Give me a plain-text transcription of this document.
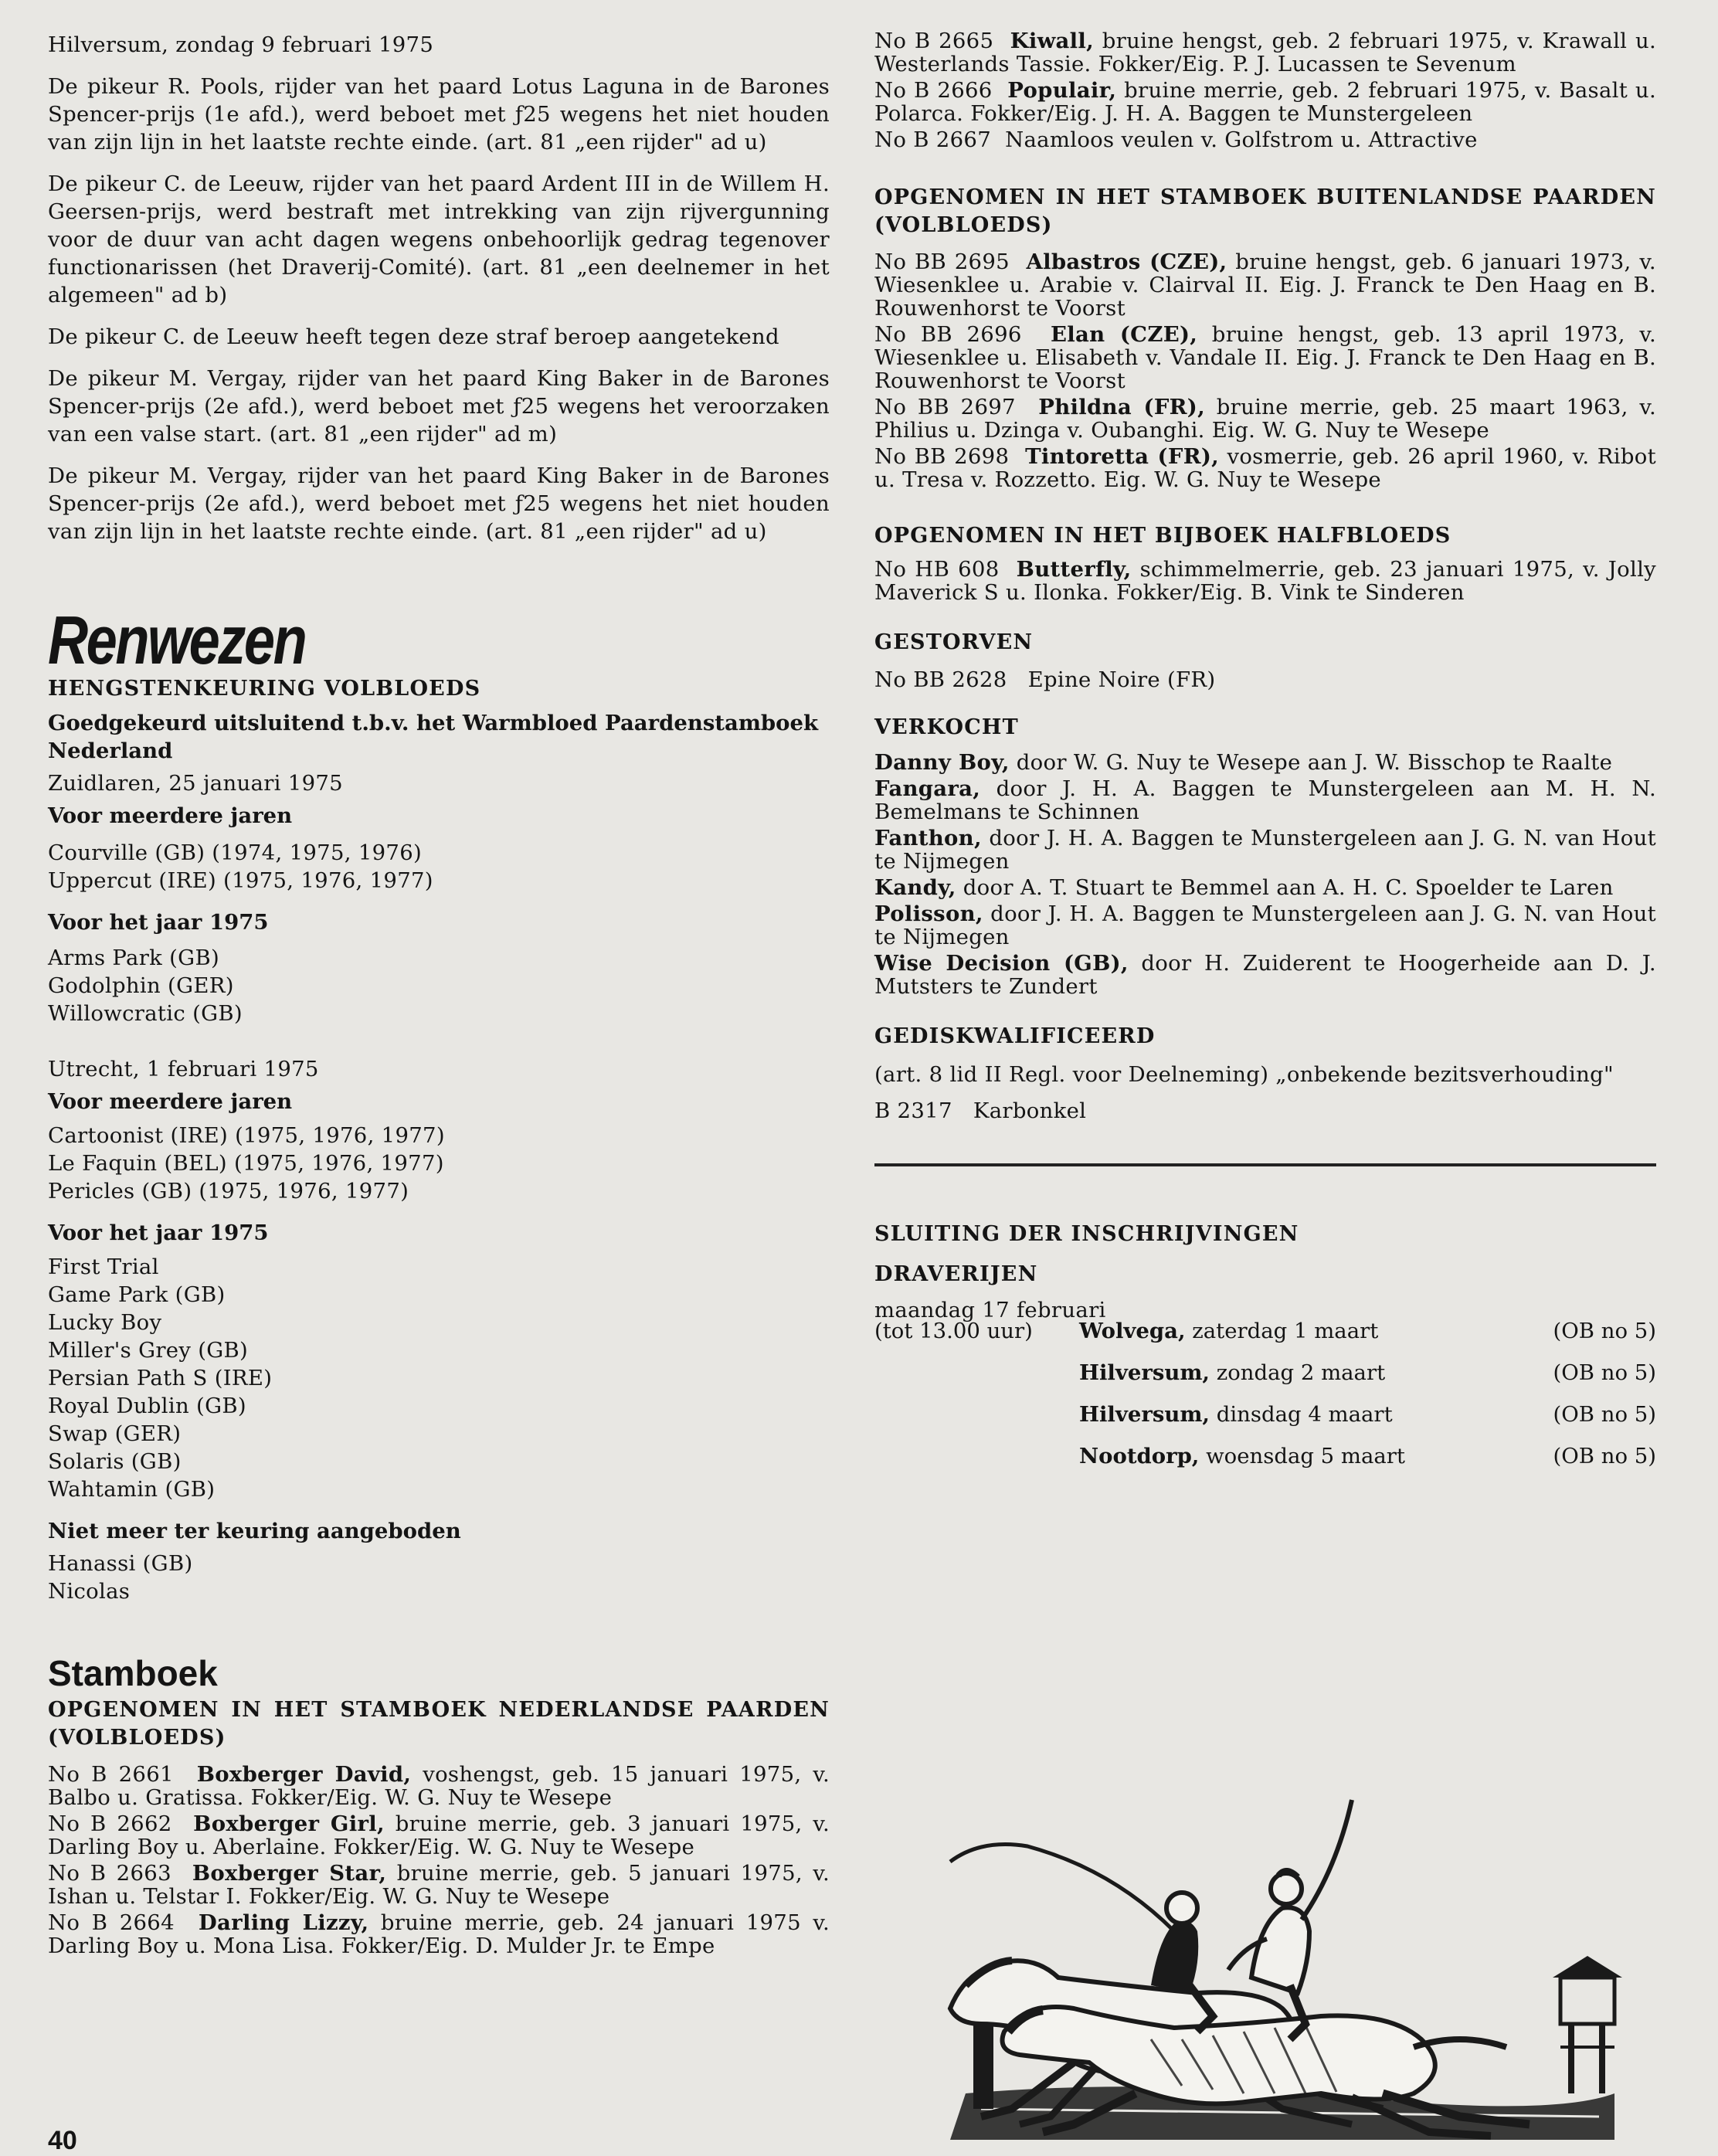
Hilversum, zondag 9 februari 1975

De pikeur R. Pools, rijder van het paard Lotus Laguna in de Barones Spencer-prijs (1e afd.), werd beboet met ƒ25 wegens het niet houden van zijn lijn in het laatste rechte einde. (art. 81 „een rijder" ad u)

De pikeur C. de Leeuw, rijder van het paard Ardent III in de Willem H. Geersen-prijs, werd bestraft met intrekking van zijn rijvergunning voor de duur van acht dagen wegens onbehoorlijk gedrag tegenover functionarissen (het Draverij-Comité). (art. 81 „een deelnemer in het algemeen" ad b)

De pikeur C. de Leeuw heeft tegen deze straf beroep aangetekend

De pikeur M. Vergay, rijder van het paard King Baker in de Barones Spencer-prijs (2e afd.), werd beboet met ƒ25 wegens het veroorzaken van een valse start. (art. 81 „een rijder" ad m)

De pikeur M. Vergay, rijder van het paard King Baker in de Barones Spencer-prijs (2e afd.), werd beboet met ƒ25 wegens het niet houden van zijn lijn in het laatste rechte einde. (art. 81 „een rijder" ad u)

Renwezen

HENGSTENKEURING VOLBLOEDS

Goedgekeurd uitsluitend t.b.v. het Warmbloed Paardenstamboek Nederland

Zuidlaren, 25 januari 1975

Voor meerdere jaren

Courville (GB) (1974, 1975, 1976)

Uppercut (IRE) (1975, 1976, 1977)

Voor het jaar 1975

Arms Park (GB)

Godolphin (GER)

Willowcratic (GB)

Utrecht, 1 februari 1975

Voor meerdere jaren

Cartoonist (IRE) (1975, 1976, 1977)

Le Faquin (BEL) (1975, 1976, 1977)

Pericles (GB) (1975, 1976, 1977)

Voor het jaar 1975

First Trial

Game Park (GB)

Lucky Boy

Miller's Grey (GB)

Persian Path S (IRE)

Royal Dublin (GB)

Swap (GER)

Solaris (GB)

Wahtamin (GB)

Niet meer ter keuring aangeboden

Hanassi (GB)

Nicolas

Stamboek

OPGENOMEN IN HET STAMBOEK NEDERLANDSE PAARDEN (VOLBLOEDS)

No B 2661 Boxberger David, voshengst, geb. 15 januari 1975, v. Balbo u. Gratissa. Fokker/Eig. W. G. Nuy te Wesepe

No B 2662 Boxberger Girl, bruine merrie, geb. 3 januari 1975, v. Darling Boy u. Aberlaine. Fokker/Eig. W. G. Nuy te Wesepe

No B 2663 Boxberger Star, bruine merrie, geb. 5 januari 1975, v. Ishan u. Telstar I. Fokker/Eig. W. G. Nuy te Wesepe

No B 2664 Darling Lizzy, bruine merrie, geb. 24 januari 1975 v. Darling Boy u. Mona Lisa. Fokker/Eig. D. Mulder Jr. te Empe

No B 2665 Kiwall, bruine hengst, geb. 2 februari 1975, v. Krawall u. Westerlands Tassie. Fokker/Eig. P. J. Lucassen te Sevenum

No B 2666 Populair, bruine merrie, geb. 2 februari 1975, v. Basalt u. Polarca. Fokker/Eig. J. H. A. Baggen te Munstergeleen

No B 2667 Naamloos veulen v. Golfstrom u. Attractive

OPGENOMEN IN HET STAMBOEK BUITENLANDSE PAARDEN (VOLBLOEDS)

No BB 2695 Albastros (CZE), bruine hengst, geb. 6 januari 1973, v. Wiesenklee u. Arabie v. Clairval II. Eig. J. Franck te Den Haag en B. Rouwenhorst te Voorst

No BB 2696 Elan (CZE), bruine hengst, geb. 13 april 1973, v. Wiesenklee u. Elisabeth v. Vandale II. Eig. J. Franck te Den Haag en B. Rouwenhorst te Voorst

No BB 2697 Phildna (FR), bruine merrie, geb. 25 maart 1963, v. Philius u. Dzinga v. Oubanghi. Eig. W. G. Nuy te Wesepe

No BB 2698 Tintoretta (FR), vosmerrie, geb. 26 april 1960, v. Ribot u. Tresa v. Rozzetto. Eig. W. G. Nuy te Wesepe

OPGENOMEN IN HET BIJBOEK HALFBLOEDS

No HB 608 Butterfly, schimmelmerrie, geb. 23 januari 1975, v. Jolly Maverick S u. Ilonka. Fokker/Eig. B. Vink te Sinderen

GESTORVEN

No BB 2628   Epine Noire (FR)

VERKOCHT

Danny Boy, door W. G. Nuy te Wesepe aan J. W. Bisschop te Raalte

Fangara, door J. H. A. Baggen te Munstergeleen aan M. H. N. Bemelmans te Schinnen

Fanthon, door J. H. A. Baggen te Munstergeleen aan J. G. N. van Hout te Nijmegen

Kandy, door A. T. Stuart te Bemmel aan A. H. C. Spoelder te Laren

Polisson, door J. H. A. Baggen te Munstergeleen aan J. G. N. van Hout te Nijmegen

Wise Decision (GB), door H. Zuiderent te Hoogerheide aan D. J. Mutsters te Zundert

GEDISKWALIFICEERD

(art. 8 lid II Regl. voor Deelneming) „onbekende bezitsverhouding"

B 2317   Karbonkel

SLUITING DER INSCHRIJVINGEN

DRAVERIJEN

maandag 17 februari

(tot 13.00 uur) Wolvega, zaterdag 1 maart	(OB no 5)
Hilversum, zondag 2 maart	(OB no 5)
Hilversum, dinsdag 4 maart	(OB no 5)
Nootdorp, woensdag 5 maart	(OB no 5)
40
